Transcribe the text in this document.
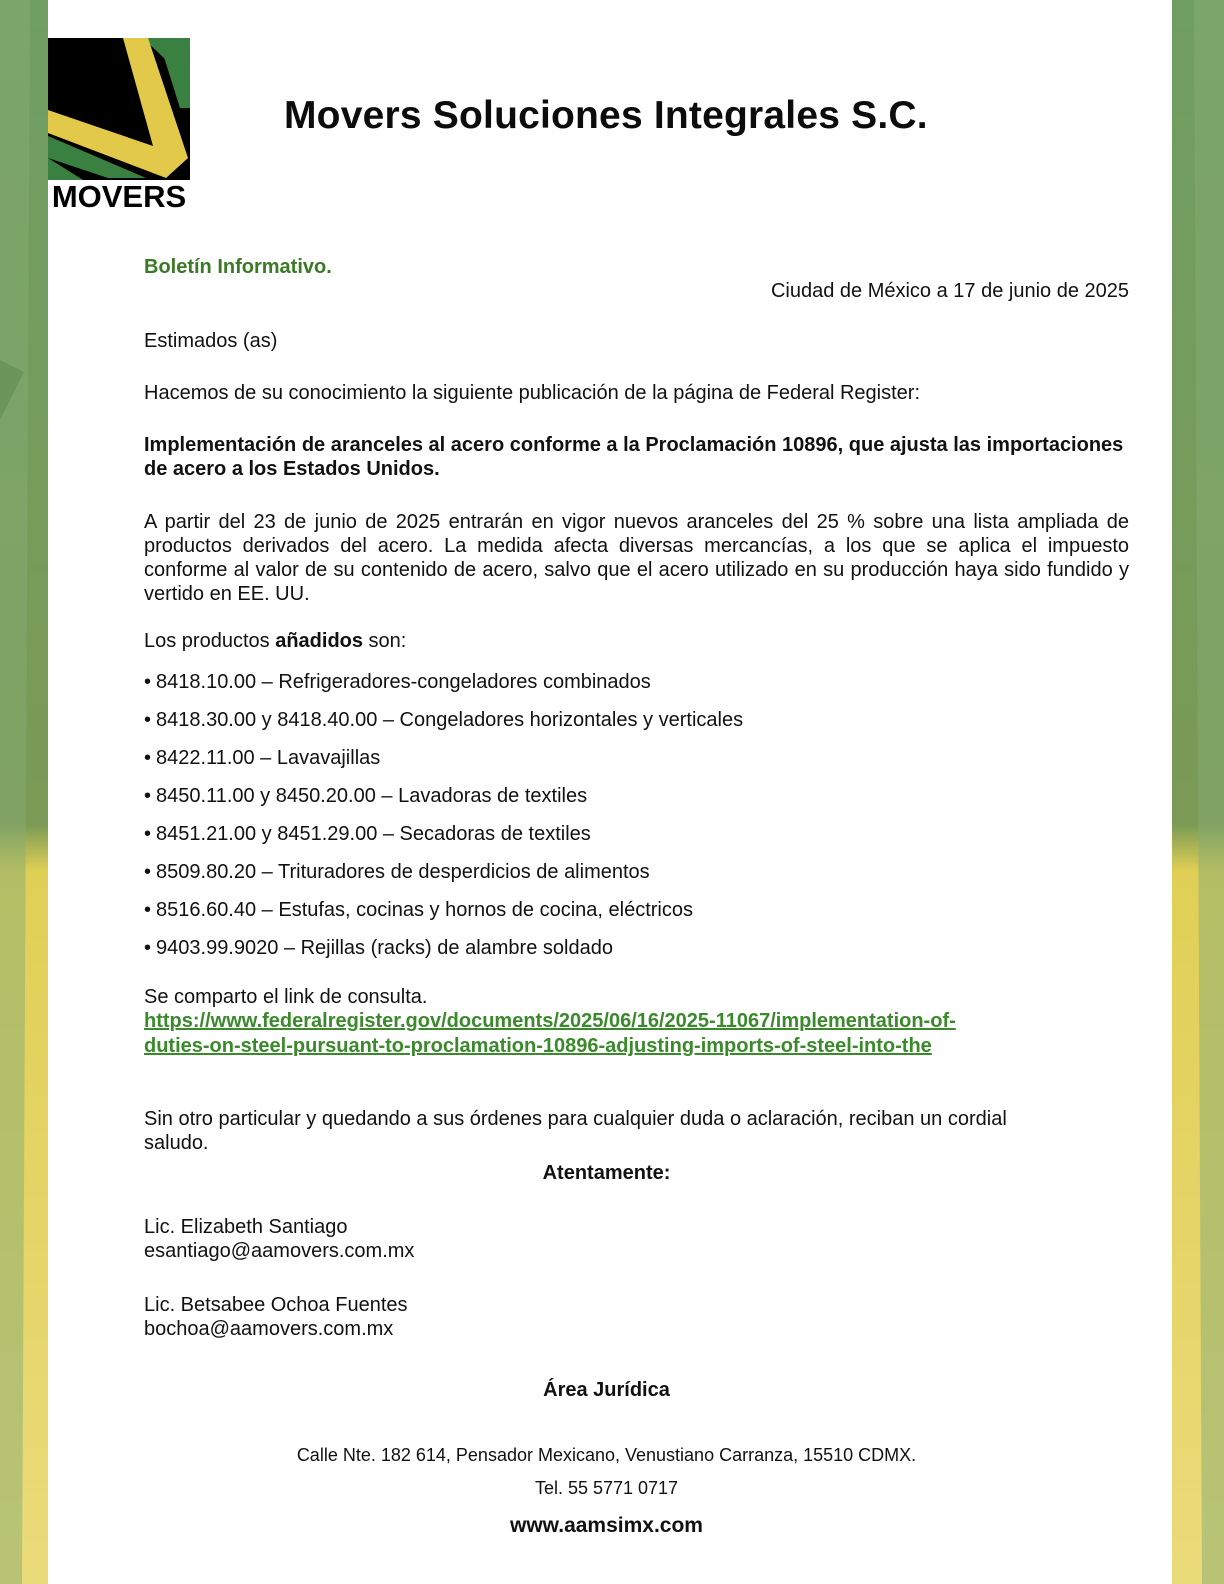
MOVERS
Movers Soluciones Integrales S.C.
Boletín Informativo.
Ciudad de México a 17 de junio de 2025
Estimados (as)
Hacemos de su conocimiento la siguiente publicación de la página de Federal Register:
Implementación de aranceles al acero conforme a la Proclamación 10896, que ajusta las importaciones de acero a los Estados Unidos.
A partir del 23 de junio de 2025 entrarán en vigor nuevos aranceles del 25 % sobre una lista ampliada de productos derivados del acero. La medida afecta diversas mercancías, a los que se aplica el impuesto conforme al valor de su contenido de acero, salvo que el acero utilizado en su producción haya sido fundido y vertido en EE. UU.
Los productos añadidos son:
• 8418.10.00 – Refrigeradores-congeladores combinados
• 8418.30.00 y 8418.40.00 – Congeladores horizontales y verticales
• 8422.11.00 – Lavavajillas
• 8450.11.00 y 8450.20.00 – Lavadoras de textiles
• 8451.21.00 y 8451.29.00 – Secadoras de textiles
• 8509.80.20 – Trituradores de desperdicios de alimentos
• 8516.60.40 – Estufas, cocinas y hornos de cocina, eléctricos
• 9403.99.9020 – Rejillas (racks) de alambre soldado
Se comparto el link de consulta.
https://www.federalregister.gov/documents/2025/06/16/2025-11067/implementation-of-
duties-on-steel-pursuant-to-proclamation-10896-adjusting-imports-of-steel-into-the
Sin otro particular y quedando a sus órdenes para cualquier duda o aclaración, reciban un cordial saludo.
Atentamente:
Lic. Elizabeth Santiago
esantiago@aamovers.com.mx
Lic. Betsabee Ochoa Fuentes
bochoa@aamovers.com.mx
Área Jurídica
Calle Nte. 182 614, Pensador Mexicano, Venustiano Carranza, 15510 CDMX.
Tel. 55 5771 0717
www.aamsimx.com
